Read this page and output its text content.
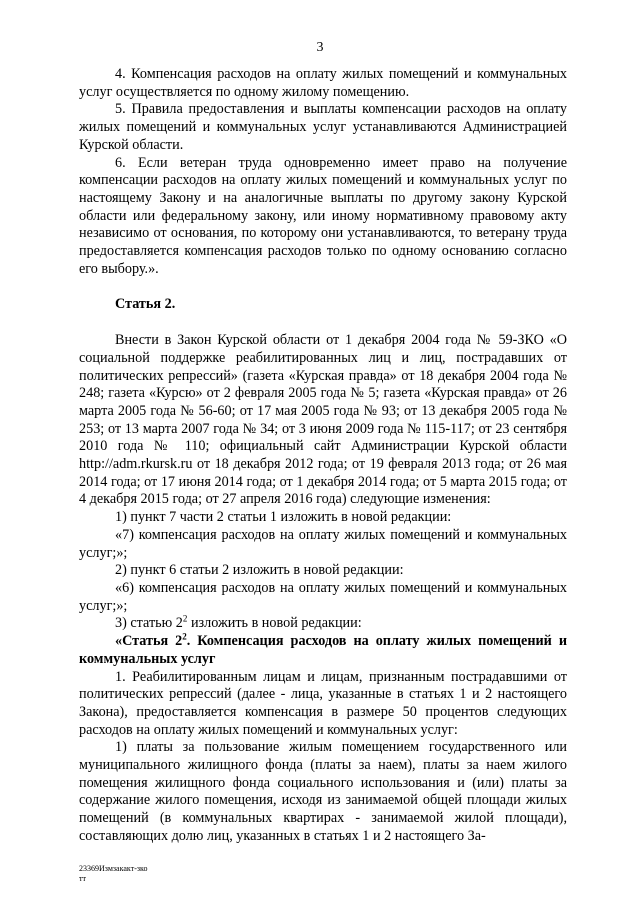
3

4. Компенсация расходов на оплату жилых помещений и коммунальных услуг осуществляется по одному жилому помещению.

5. Правила предоставления и выплаты компенсации расходов на оплату жилых помещений и коммунальных услуг устанавливаются Администрацией Курской области.

6. Если ветеран труда одновременно имеет право на получение компенсации расходов на оплату жилых помещений и коммунальных услуг по настоящему Закону и на аналогичные выплаты по другому закону Курской области или федеральному закону, или иному нормативному правовому акту независимо от основания, по которому они устанавливаются, то ветерану труда предоставляется компенсация расходов только по одному основанию согласно его выбору.».

Статья 2.

Внести в Закон Курской области от 1 декабря 2004 года № 59-ЗКО «О социальной поддержке реабилитированных лиц и лиц, пострадавших от политических репрессий» (газета «Курская правда» от 18 декабря 2004 года № 248; газета «Курсю» от 2 февраля 2005 года № 5; газета «Курская правда» от 26 марта 2005 года № 56-60; от 17 мая 2005 года № 93; от 13 декабря 2005 года № 253; от 13 марта 2007 года № 34; от 3 июня 2009 года № 115-117; от 23 сентября 2010 года № 110; официальный сайт Администрации Курской области http://adm.rkursk.ru от 18 декабря 2012 года; от 19 февраля 2013 года; от 26 мая 2014 года; от 17 июня 2014 года; от 1 декабря 2014 года; от 5 марта 2015 года; от 4 декабря 2015 года; от 27 апреля 2016 года) следующие изменения:

1) пункт 7 части 2 статьи 1 изложить в новой редакции:

«7) компенсация расходов на оплату жилых помещений и коммунальных услуг;»;

2) пункт 6 статьи 2 изложить в новой редакции:

«6) компенсация расходов на оплату жилых помещений и коммунальных услуг;»;

3) статью $2^2$ изложить в новой редакции:

«Статья $2^2$. Компенсация расходов на оплату жилых помещений и коммунальных услуг

1. Реабилитированным лицам и лицам, признанным пострадавшими от политических репрессий (далее - лица, указанные в статьях 1 и 2 настоящего Закона), предоставляется компенсация в размере 50 процентов следующих расходов на оплату жилых помещений и коммунальных услуг:

1) платы за пользование жилым помещением государственного или муниципального жилищного фонда (платы за наем), платы за наем жилого помещения жилищного фонда социального использования и (или) платы за содержание жилого помещения, исходя из занимаемой общей площади жилых помещений (в коммунальных квартирах - занимаемой жилой площади), составляющих долю лиц, указанных в статьях 1 и 2 настоящего За-

23369Измзакакт-зко
тт
